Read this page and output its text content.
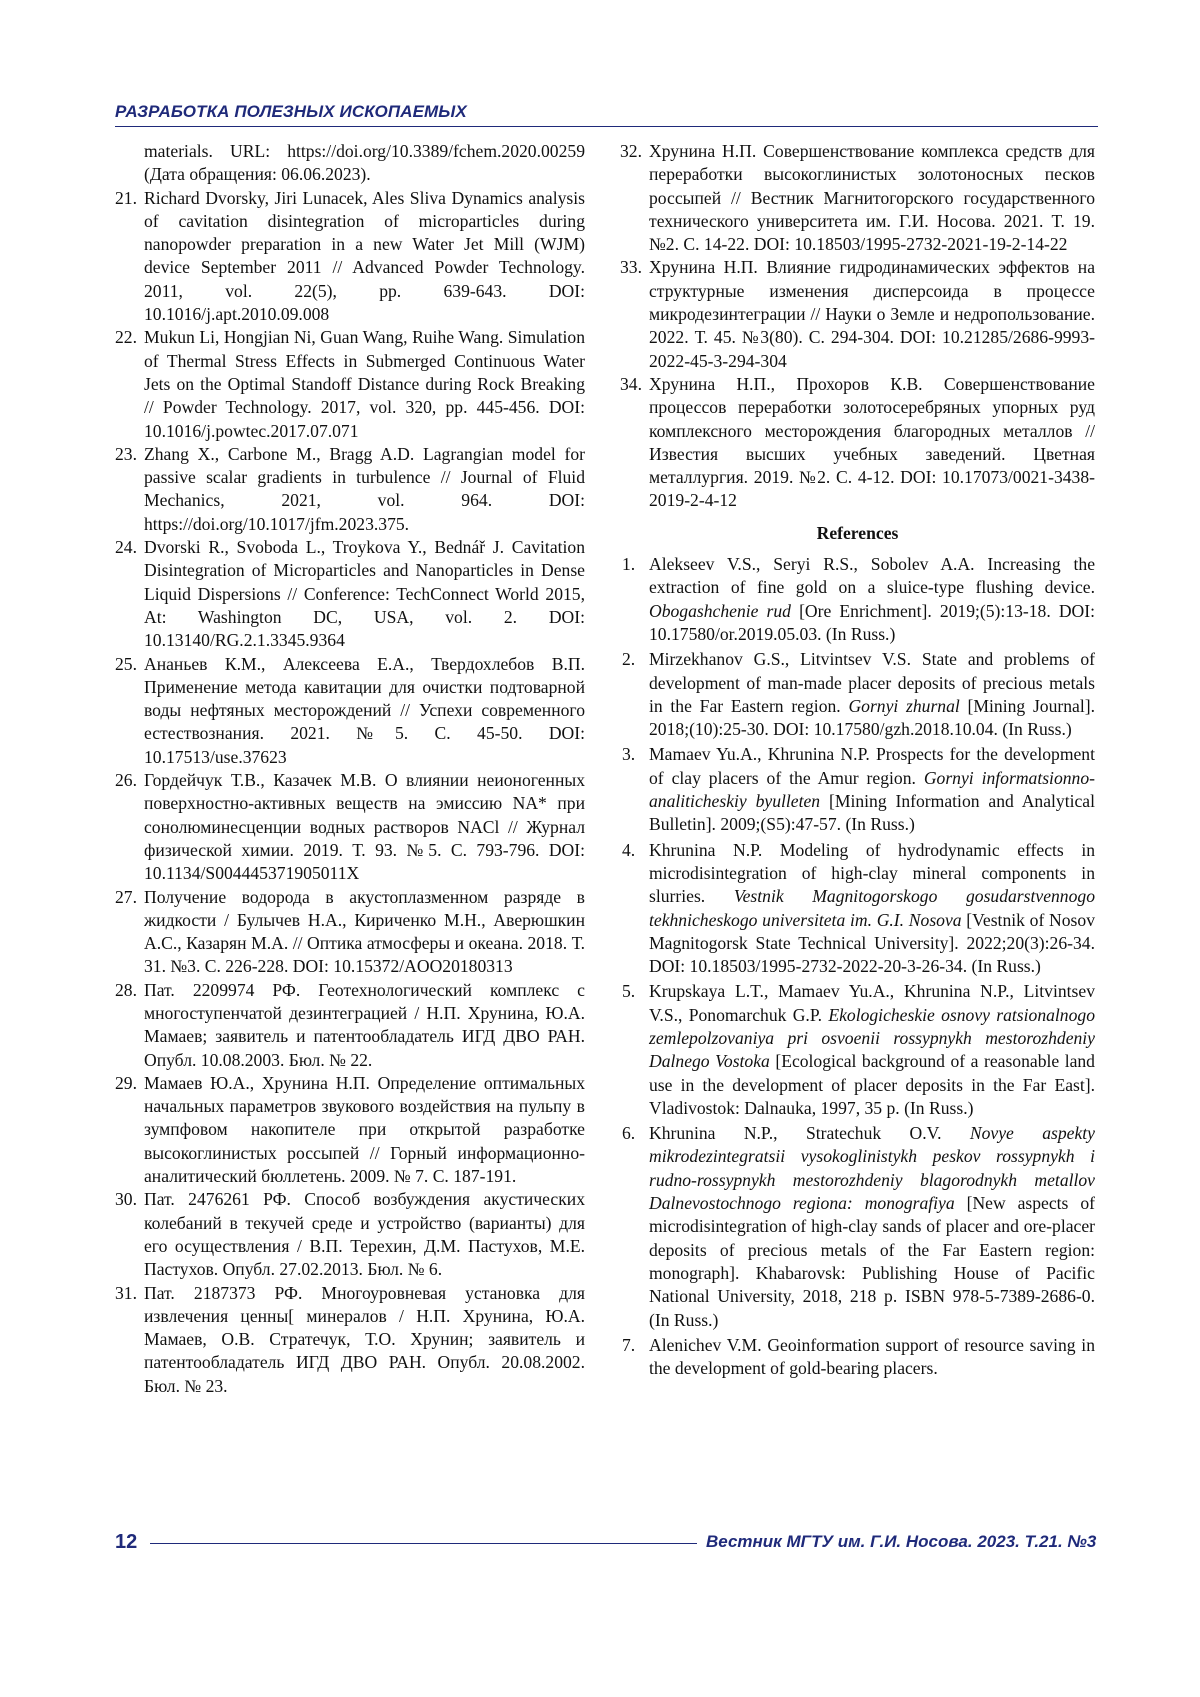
РАЗРАБОТКА ПОЛЕЗНЫХ ИСКОПАЕМЫХ
materials. URL: https://doi.org/10.3389/fchem.2020.00259 (Дата обращения: 06.06.2023).
21. Richard Dvorsky, Jiri Lunacek, Ales Sliva Dynamics analysis of cavitation disintegration of microparticles during nanopowder preparation in a new Water Jet Mill (WJM) device September 2011 // Advanced Powder Technology. 2011, vol. 22(5), pp. 639-643. DOI: 10.1016/j.apt.2010.09.008
22. Mukun Li, Hongjian Ni, Guan Wang, Ruihe Wang. Simulation of Thermal Stress Effects in Submerged Continuous Water Jets on the Optimal Standoff Distance during Rock Breaking // Powder Technology. 2017, vol. 320, pp. 445-456. DOI: 10.1016/j.powtec.2017.07.071
23. Zhang X., Carbone M., Bragg A.D. Lagrangian model for passive scalar gradients in turbulence // Journal of Fluid Mechanics, 2021, vol. 964. DOI: https://doi.org/10.1017/jfm.2023.375.
24. Dvorski R., Svoboda L., Troykova Y., Bednář J. Cavitation Disintegration of Microparticles and Nanoparticles in Dense Liquid Dispersions // Conference: TechConnect World 2015, At: Washington DC, USA, vol. 2. DOI: 10.13140/RG.2.1.3345.9364
25. Ананьев К.М., Алексеева Е.А., Твердохлебов В.П. Применение метода кавитации для очистки подтоварной воды нефтяных месторождений // Успехи современного естествознания. 2021. №5. С. 45-50. DOI: 10.17513/use.37623
26. Гордейчук Т.В., Казачек М.В. О влиянии неионогенных поверхностно-активных веществ на эмиссию NA* при сонолюминесценции водных растворов NACl // Журнал физической химии. 2019. Т. 93. №5. С. 793-796. DOI: 10.1134/S004445371905011X
27. Получение водорода в акустоплазменном разряде в жидкости / Булычев Н.А., Кириченко М.Н., Аверюшкин А.С., Казарян М.А. // Оптика атмосферы и океана. 2018. Т. 31. №3. С. 226-228. DOI: 10.15372/AOO20180313
28. Пат. 2209974 РФ. Геотехнологический комплекс с многоступенчатой дезинтеграцией / Н.П. Хрунина, Ю.А. Мамаев; заявитель и патентообладатель ИГД ДВО РАН. Опубл. 10.08.2003. Бюл. № 22.
29. Мамаев Ю.А., Хрунина Н.П. Определение оптимальных начальных параметров звукового воздействия на пульпу в зумпфовом накопителе при открытой разработке высокоглинистых россыпей // Горный информационно-аналитический бюллетень. 2009. № 7. С. 187-191.
30. Пат. 2476261 РФ. Способ возбуждения акустических колебаний в текучей среде и устройство (варианты) для его осуществления / В.П. Терехин, Д.М. Пастухов, М.Е. Пастухов. Опубл. 27.02.2013. Бюл. № 6.
31. Пат. 2187373 РФ. Многоуровневая установка для извлечения ценны[ минералов / Н.П. Хрунина, Ю.А. Мамаев, О.В. Стратечук, Т.О. Хрунин; заявитель и патентообладатель ИГД ДВО РАН. Опубл. 20.08.2002. Бюл. № 23.
32. Хрунина Н.П. Совершенствование комплекса средств для переработки высокоглинистых золотоносных песков россыпей // Вестник Магнитогорского государственного технического университета им. Г.И. Носова. 2021. Т. 19. №2. С. 14-22. DOI: 10.18503/1995-2732-2021-19-2-14-22
33. Хрунина Н.П. Влияние гидродинамических эффектов на структурные изменения дисперсоида в процессе микродезинтеграции // Науки о Земле и недропользование. 2022. Т. 45. №3(80). С. 294-304. DOI: 10.21285/2686-9993-2022-45-3-294-304
34. Хрунина Н.П., Прохоров К.В. Совершенствование процессов переработки золотосеребряных упорных руд комплексного месторождения благородных металлов // Известия высших учебных заведений. Цветная металлургия. 2019. №2. С. 4-12. DOI: 10.17073/0021-3438-2019-2-4-12
References
1. Alekseev V.S., Seryi R.S., Sobolev A.A. Increasing the extraction of fine gold on a sluice-type flushing device. Obogashchenie rud [Ore Enrichment]. 2019;(5):13-18. DOI: 10.17580/or.2019.05.03. (In Russ.)
2. Mirzekhanov G.S., Litvintsev V.S. State and problems of development of man-made placer deposits of precious metals in the Far Eastern region. Gornyi zhurnal [Mining Journal]. 2018;(10):25-30. DOI: 10.17580/gzh.2018.10.04. (In Russ.)
3. Mamaev Yu.A., Khrunina N.P. Prospects for the development of clay placers of the Amur region. Gornyi informatsionno-analiticheskiy byulleten [Mining Information and Analytical Bulletin]. 2009;(S5):47-57. (In Russ.)
4. Khrunina N.P. Modeling of hydrodynamic effects in microdisintegration of high-clay mineral components in slurries. Vestnik Magnitogorskogo gosudarstvennogo tekhnicheskogo universiteta im. G.I. Nosova [Vestnik of Nosov Magnitogorsk State Technical University]. 2022;20(3):26-34. DOI: 10.18503/1995-2732-2022-20-3-26-34. (In Russ.)
5. Krupskaya L.T., Mamaev Yu.A., Khrunina N.P., Litvintsev V.S., Ponomarchuk G.P. Ekologicheskie osnovy ratsionalnogo zemlepolzovaniya pri osvoenii rossypnykh mestorozhdeniy Dalnego Vostoka [Ecological background of a reasonable land use in the development of placer deposits in the Far East]. Vladivostok: Dalnauka, 1997, 35 p. (In Russ.)
6. Khrunina N.P., Stratechuk O.V. Novye aspekty mikrodezintegratsii vysokoglinistykh peskov rossypnykh i rudno-rossypnykh mestorozhdeniy blagorodnykh metallov Dalnevostochnogo regiona: monografiya [New aspects of microdisintegration of high-clay sands of placer and ore-placer deposits of precious metals of the Far Eastern region: monograph]. Khabarovsk: Publishing House of Pacific National University, 2018, 218 p. ISBN 978-5-7389-2686-0. (In Russ.)
7. Alenichev V.M. Geoinformation support of resource saving in the development of gold-bearing placers.
12	Вестник МГТУ им. Г.И. Носова. 2023. Т.21. №3
